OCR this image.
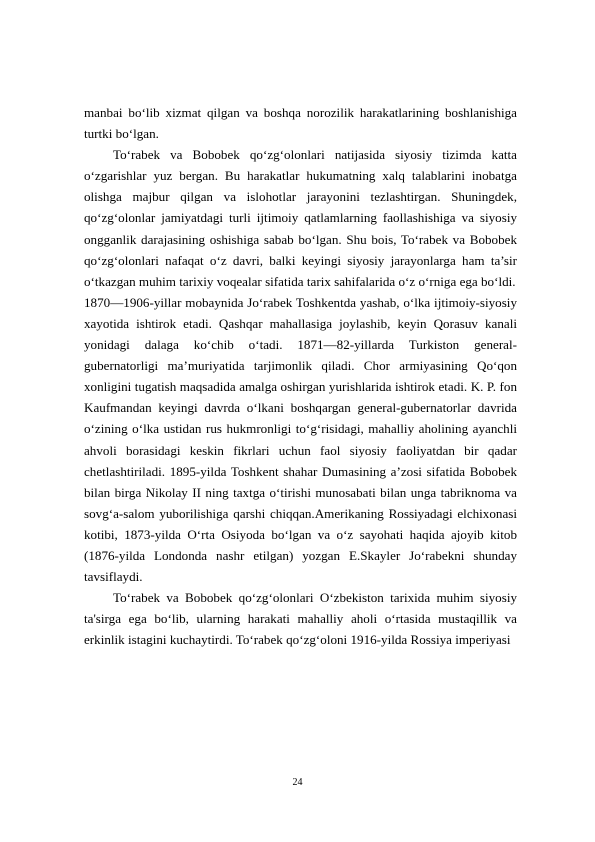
manbai bo‘lib xizmat qilgan va boshqa norozilik harakatlarining boshlanishiga turtki bo‘lgan.

To‘rabek va Bobobek qo‘zg‘olonlari natijasida siyosiy tizimda katta o‘zgarishlar yuz bergan. Bu harakatlar hukumatning xalq talablarini inobatga olishga majbur qilgan va islohotlar jarayonini tezlashtirgan. Shuningdek, qo‘zg‘olonlar jamiyatdagi turli ijtimoiy qatlamlarning faollashishiga va siyosiy ongganlik darajasining oshishiga sabab bo‘lgan. Shu bois, To‘rabek va Bobobek qo‘zg‘olonlari nafaqat o‘z davri, balki keyingi siyosiy jarayonlarga ham ta’sir o‘tkazgan muhim tarixiy voqealar sifatida tarix sahifalarida o‘z o‘rniga ega bo‘ldi.

1870—1906-yillar mobaynida Jo‘rabek Toshkentda yashab, o‘lka ijtimoiy-siyosiy xayotida ishtirok etadi. Qashqar mahallasiga joylashib, keyin Qorasuv kanali yonidagi dalaga ko‘chib o‘tadi. 1871—82-yillarda Turkiston general-gubernatorligi ma’muriyatida tarjimonlik qiladi. Chor armiyasining Qo‘qon xonligini tugatish maqsadida amalga oshirgan yurishlarida ishtirok etadi. K. P. fon Kaufmandan keyingi davrda o‘lkani boshqargan general-gubernatorlar davrida o‘zining o‘lka ustidan rus hukmronligi to‘g‘risidagi, mahalliy aholining ayanchli ahvoli borasidagi keskin fikrlari uchun faol siyosiy faoliyatdan bir qadar chetlashtiriladi. 1895-yilda Toshkent shahar Dumasining a’zosi sifatida Bobobek bilan birga Nikolay II ning taxtga o‘tirishi munosabati bilan unga tabriknoma va sovg‘a-salom yuborilishiga qarshi chiqqan.Amerikaning Rossiyadagi elchixonasi kotibi, 1873-yilda O‘rta Osiyoda bo‘lgan va o‘z sayohati haqida ajoyib kitob (1876-yilda Londonda nashr etilgan) yozgan E.Skayler Jo‘rabekni shunday tavsiflaydi.

To‘rabek va Bobobek qo‘zg‘olonlari O‘zbekiston tarixida muhim siyosiy ta'sirga ega bo‘lib, ularning harakati mahalliy aholi o‘rtasida mustaqillik va erkinlik istagini kuchaytirdi. To‘rabek qo‘zg‘oloni 1916-yilda Rossiya imperiyasi

24
